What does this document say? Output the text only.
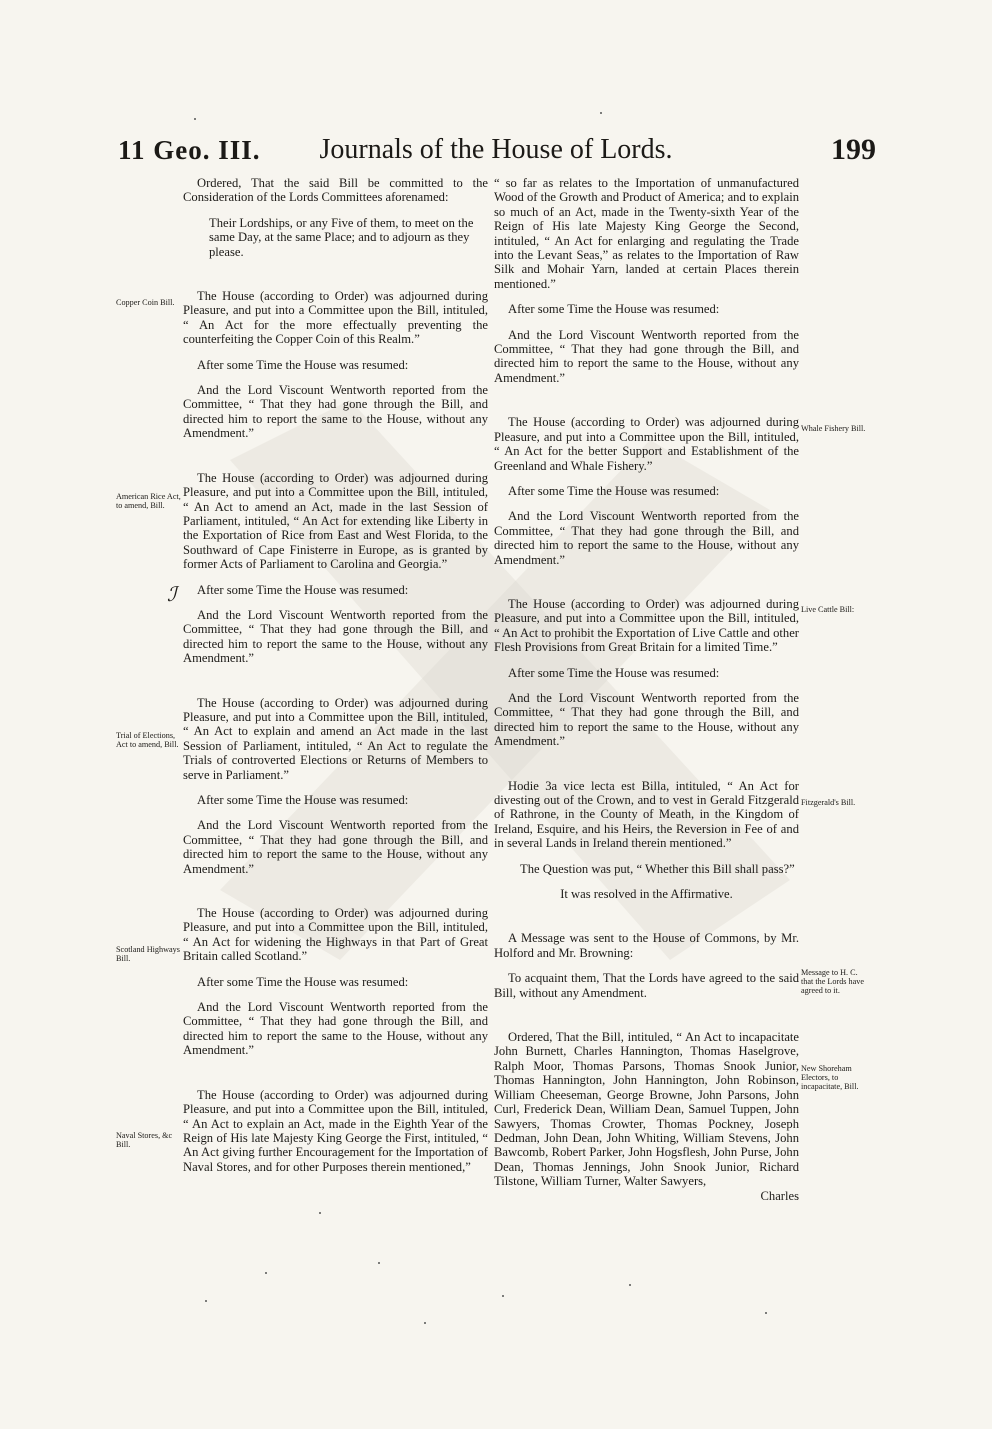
11 Geo. III.	Journals of the House of Lords.	199
Copper Coin Bill.
American Rice Act, to amend, Bill.
Trial of Elections, Act to amend, Bill.
Scotland Highways Bill.
Naval Stores, &c Bill.
Whale Fishery Bill.
Live Cattle Bill:
Fitzgerald's Bill.
Message to H. C. that the Lords have agreed to it.
New Shoreham Electors, to incapacitate, Bill.
ℐ

Ordered, That the said Bill be committed to the Consideration of the Lords Committees aforenamed:

Their Lordships, or any Five of them, to meet on the same Day, at the same Place; and to adjourn as they please.

The House (according to Order) was adjourned during Pleasure, and put into a Committee upon the Bill, intituled, “ An Act for the more effectually preventing the counterfeiting the Copper Coin of this Realm.”

After some Time the House was resumed:

And the Lord Viscount Wentworth reported from the Committee, “ That they had gone through the Bill, and directed him to report the same to the House, without any Amendment.”

The House (according to Order) was adjourned during Pleasure, and put into a Committee upon the Bill, intituled, “ An Act to amend an Act, made in the last Session of Parliament, intituled, “ An Act for extending like Liberty in the Exportation of Rice from East and West Florida, to the Southward of Cape Finisterre in Europe, as is granted by former Acts of Parliament to Carolina and Georgia.”

After some Time the House was resumed:

And the Lord Viscount Wentworth reported from the Committee, “ That they had gone through the Bill, and directed him to report the same to the House, without any Amendment.”

The House (according to Order) was adjourned during Pleasure, and put into a Committee upon the Bill, intituled, “ An Act to explain and amend an Act made in the last Session of Parliament, intituled, “ An Act to regulate the Trials of controverted Elections or Returns of Members to serve in Parliament.”

After some Time the House was resumed:

And the Lord Viscount Wentworth reported from the Committee, “ That they had gone through the Bill, and directed him to report the same to the House, without any Amendment.”

The House (according to Order) was adjourned during Pleasure, and put into a Committee upon the Bill, intituled, “ An Act for widening the Highways in that Part of Great Britain called Scotland.”

After some Time the House was resumed:

And the Lord Viscount Wentworth reported from the Committee, “ That they had gone through the Bill, and directed him to report the same to the House, without any Amendment.”

The House (according to Order) was adjourned during Pleasure, and put into a Committee upon the Bill, intituled, “ An Act to explain an Act, made in the Eighth Year of the Reign of His late Majesty King George the First, intituled, “ An Act giving further Encouragement for the Importation of Naval Stores, and for other Purposes therein mentioned,”

“ so far as relates to the Importation of unmanufactured Wood of the Growth and Product of America; and to explain so much of an Act, made in the Twenty-sixth Year of the Reign of His late Majesty King George the Second, intituled, “ An Act for enlarging and regulating the Trade into the Levant Seas,” as relates to the Importation of Raw Silk and Mohair Yarn, landed at certain Places therein mentioned.”

After some Time the House was resumed:

And the Lord Viscount Wentworth reported from the Committee, “ That they had gone through the Bill, and directed him to report the same to the House, without any Amendment.”

The House (according to Order) was adjourned during Pleasure, and put into a Committee upon the Bill, intituled, “ An Act for the better Support and Establishment of the Greenland and Whale Fishery.”

After some Time the House was resumed:

And the Lord Viscount Wentworth reported from the Committee, “ That they had gone through the Bill, and directed him to report the same to the House, without any Amendment.”

The House (according to Order) was adjourned during Pleasure, and put into a Committee upon the Bill, intituled, “ An Act to prohibit the Exportation of Live Cattle and other Flesh Provisions from Great Britain for a limited Time.”

After some Time the House was resumed:

And the Lord Viscount Wentworth reported from the Committee, “ That they had gone through the Bill, and directed him to report the same to the House, without any Amendment.”

Hodie 3a vice lecta est Billa, intituled, “ An Act for divesting out of the Crown, and to vest in Gerald Fitzgerald of Rathrone, in the County of Meath, in the Kingdom of Ireland, Esquire, and his Heirs, the Reversion in Fee of and in several Lands in Ireland therein mentioned.”

The Question was put, “ Whether this Bill shall pass?”

It was resolved in the Affirmative.

A Message was sent to the House of Commons, by Mr. Holford and Mr. Browning:

To acquaint them, That the Lords have agreed to the said Bill, without any Amendment.

Ordered, That the Bill, intituled, “ An Act to incapacitate John Burnett, Charles Hannington, Thomas Haselgrove, Ralph Moor, Thomas Parsons, Thomas Snook Junior, Thomas Hannington, John Hannington, John Robinson, William Cheeseman, George Browne, John Parsons, John Curl, Frederick Dean, William Dean, Samuel Tuppen, John Sawyers, Thomas Crowter, Thomas Pockney, Joseph Dedman, John Dean, John Whiting, William Stevens, John Bawcomb, Robert Parker, John Hogsflesh, John Purse, John Dean, Thomas Jennings, John Snook Junior, Richard Tilstone, William Turner, Walter Sawyers,

Charles
